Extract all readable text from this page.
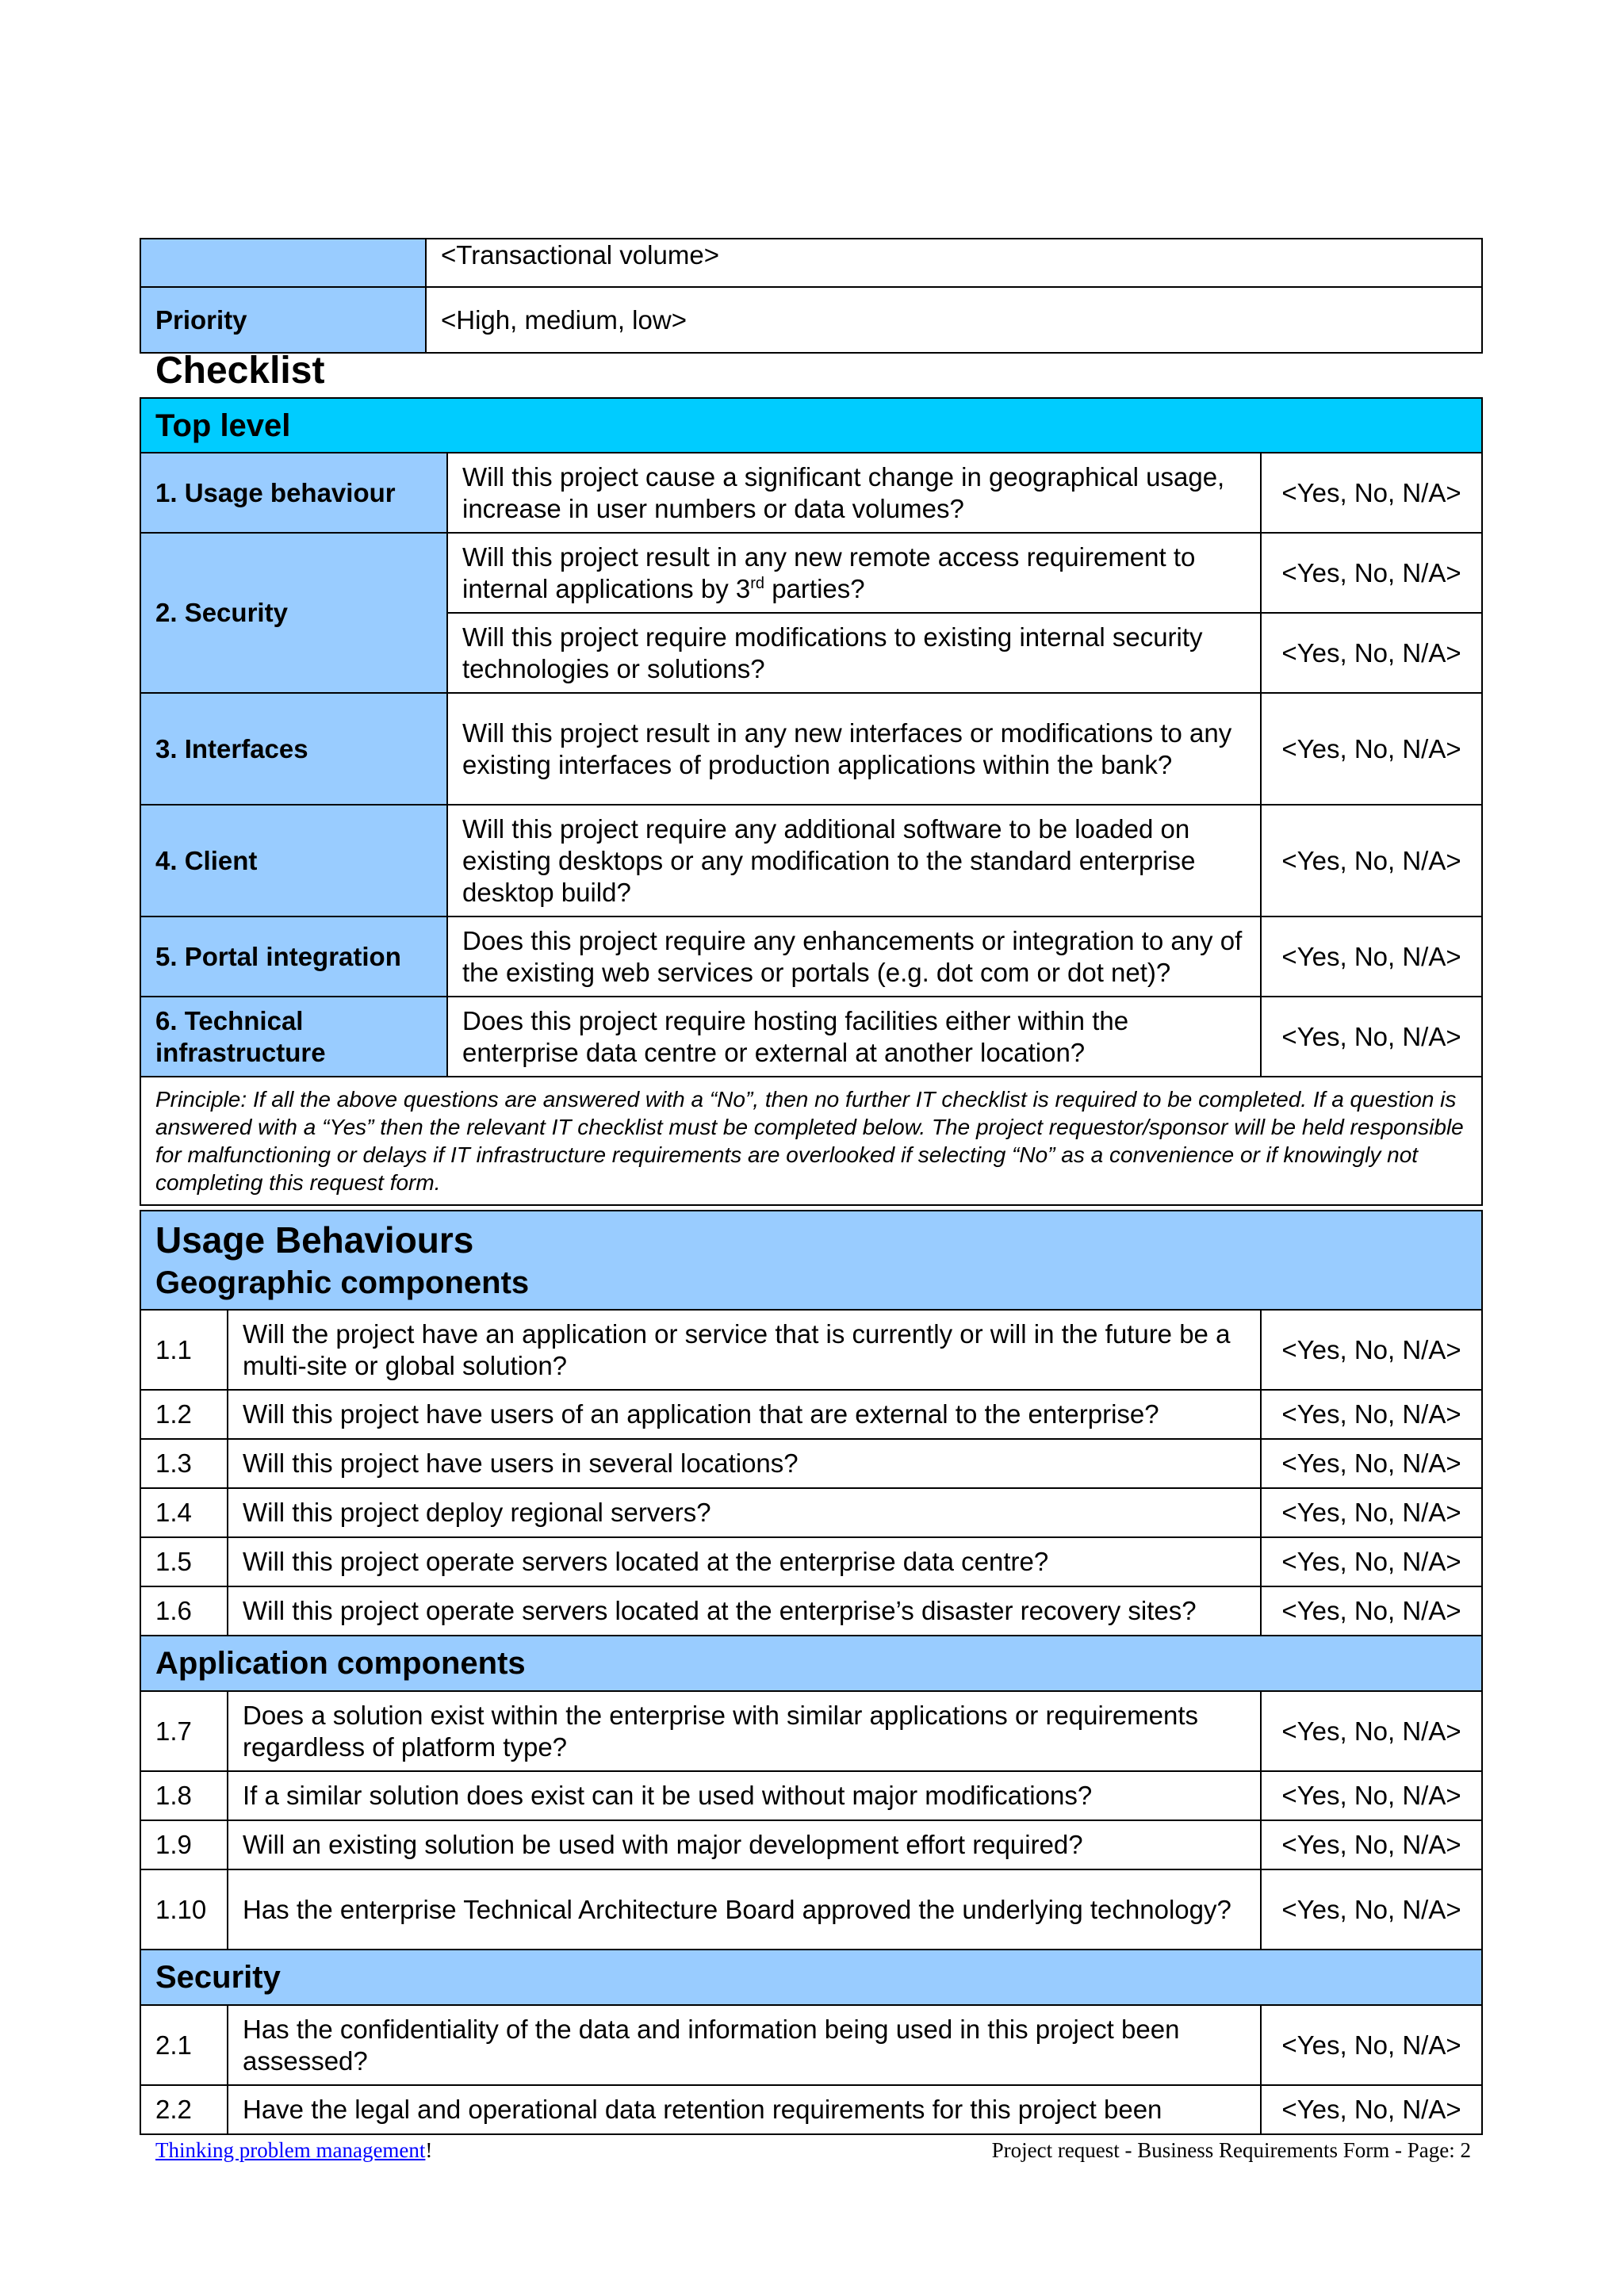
	<Transactional volume>
Priority	<High, medium, low>
Checklist
Top level		
1. Usage behaviour	Will this project cause a significant change in geographical usage, increase in user numbers or data volumes?	<Yes, No, N/A>
2. Security	Will this project result in any new remote access requirement to internal applications by 3rd parties?	<Yes, No, N/A>
	Will this project require modifications to existing internal security technologies or solutions?	<Yes, No, N/A>
3. Interfaces	Will this project result in any new interfaces or modifications to any existing interfaces of production applications within the bank?	<Yes, No, N/A>
4. Client	Will this project require any additional software to be loaded on existing desktops or any modification to the standard enterprise desktop build?	<Yes, No, N/A>
5. Portal integration	Does this project require any enhancements or integration to any of the existing web services or portals (e.g. dot com or dot net)?	<Yes, No, N/A>
6. Technical infrastructure	Does this project require hosting facilities either within the enterprise data centre or external at another location?	<Yes, No, N/A>
Principle: If all the above questions are answered with a “No”, then no further IT checklist is required to be completed. If a question is answered with a “Yes” then the relevant IT checklist must be completed below. The project requestor/sponsor will be held responsible for malfunctioning or delays if IT infrastructure requirements are overlooked if selecting “No” as a convenience or if knowingly not completing this request form.		
Usage Behaviours
Geographic components		

1.1	Will the project have an application or service that is currently or will in the future be a multi-site or global solution?	<Yes, No, N/A>
1.2	Will this project have users of an application that are external to the enterprise?	<Yes, No, N/A>
1.3	Will this project have users in several locations?	<Yes, No, N/A>
1.4	Will this project deploy regional servers?	<Yes, No, N/A>
1.5	Will this project operate servers located at the enterprise data centre?	<Yes, No, N/A>
1.6	Will this project operate servers located at the enterprise’s disaster recovery sites?	<Yes, No, N/A>
Application components		
1.7	Does a solution exist within the enterprise with similar applications or requirements regardless of platform type?	<Yes, No, N/A>
1.8	If a similar solution does exist can it be used without major modifications?	<Yes, No, N/A>
1.9	Will an existing solution be used with major development effort required?	<Yes, No, N/A>
1.10	Has the enterprise Technical Architecture Board approved the underlying technology?	<Yes, No, N/A>
Security		
2.1	Has the confidentiality of the data and information being used in this project been assessed?	<Yes, No, N/A>
2.2	Have the legal and operational data retention requirements for this project been	<Yes, No, N/A>
Thinking problem management!	Project request - Business Requirements Form - Page: 2
